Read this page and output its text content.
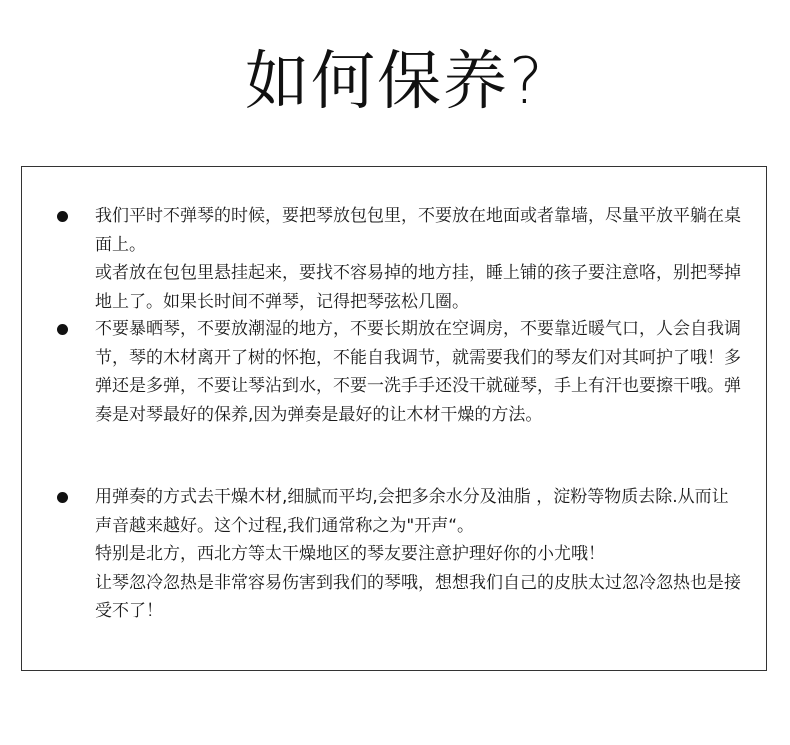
如何保养?

我们平时不弹琴的时候，要把琴放包包里，不要放在地面或者靠墙，尽量平放平躺在桌面上。

或者放在包包里悬挂起来，要找不容易掉的地方挂，睡上铺的孩子要注意咯，别把琴掉地上了。如果长时间不弹琴，记得把琴弦松几圈。

不要暴晒琴，不要放潮湿的地方，不要长期放在空调房，不要靠近暖气口，人会自我调节，琴的木材离开了树的怀抱，不能自我调节，就需要我们的琴友们对其呵护了哦！多弹还是多弹，不要让琴沾到水，不要一洗手手还没干就碰琴，手上有汗也要擦干哦。弹奏是对琴最好的保养,因为弹奏是最好的让木材干燥的方法。

用弹奏的方式去干燥木材,细腻而平均,会把多余水分及油脂 ，淀粉等物质去除.从而让声音越来越好。这个过程,我们通常称之为"开声“。

特别是北方，西北方等太干燥地区的琴友要注意护理好你的小尤哦！

让琴忽冷忽热是非常容易伤害到我们的琴哦，想想我们自己的皮肤太过忽冷忽热也是接受不了！
